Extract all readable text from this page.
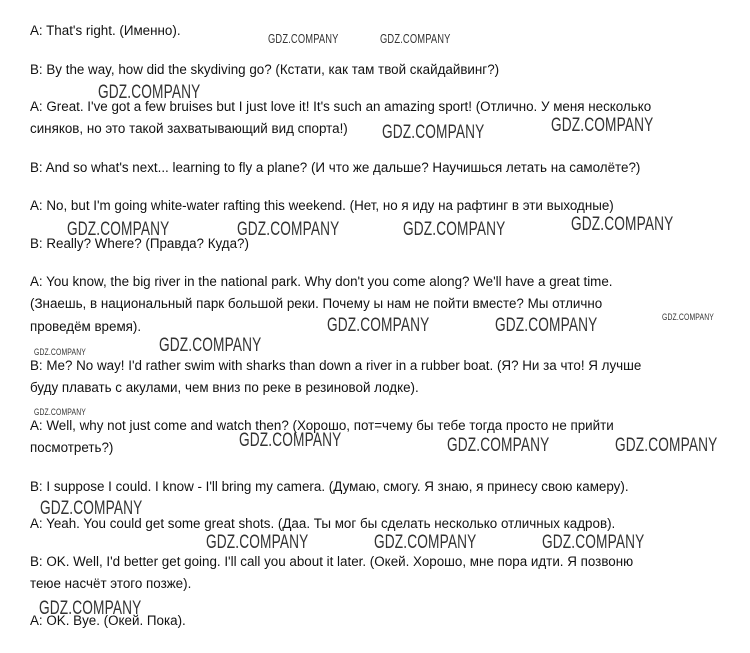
A: That's right. (Именно).
B: By the way, how did the skydiving go? (Кстати, как там твой скайдайвинг?)
A: Great. I've got a few bruises but I just love it! It's such an amazing sport! (Отлично. У меня несколько
синяков, но это такой захватывающий вид спорта!)
B: And so what's next... learning to fly a plane? (И что же дальше? Научишься летать на самолёте?)
A: No, but I'm going white-water rafting this weekend. (Нет, но я иду на рафтинг в эти выходные)
B: Really? Where? (Правда? Куда?)
A: You know, the big river in the national park. Why don't you come along? We'll have a great time.
(Знаешь, в национальный парк большой реки. Почему ы нам не пойти вместе? Мы отлично
проведём время).
B: Me? No way! I'd rather swim with sharks than down a river in a rubber boat. (Я? Ни за что! Я лучше
буду плавать с акулами, чем вниз по реке в резиновой лодке).
A: Well, why not just come and watch then? (Хорошо, пот=чему бы тебе тогда просто не прийти
посмотреть?)
B: I suppose I could. I know - I'll bring my camera. (Думаю, смогу. Я знаю, я принесу свою камеру).
A: Yeah. You could get some great shots. (Даа. Ты мог бы сделать несколько отличных кадров).
B: OK. Well, I'd better get going. I'll call you about it later. (Окей. Хорошо, мне пора идти. Я позвоню
теюе насчёт этого позже).
A: OK. Bye. (Окей. Пока).
GDZ.COMPANY	GDZ.COMPANY
GDZ.COMPANY
GDZ.COMPANY	GDZ.COMPANY
GDZ.COMPANY	GDZ.COMPANY	GDZ.COMPANY	GDZ.COMPANY
GDZ.COMPANY
GDZ.COMPANY	GDZ.COMPANY
GDZ.COMPANY
GDZ.COMPANY
GDZ.COMPANY
GDZ.COMPANY	GDZ.COMPANY	GDZ.COMPANY
GDZ.COMPANY
GDZ.COMPANY	GDZ.COMPANY	GDZ.COMPANY
GDZ.COMPANY
